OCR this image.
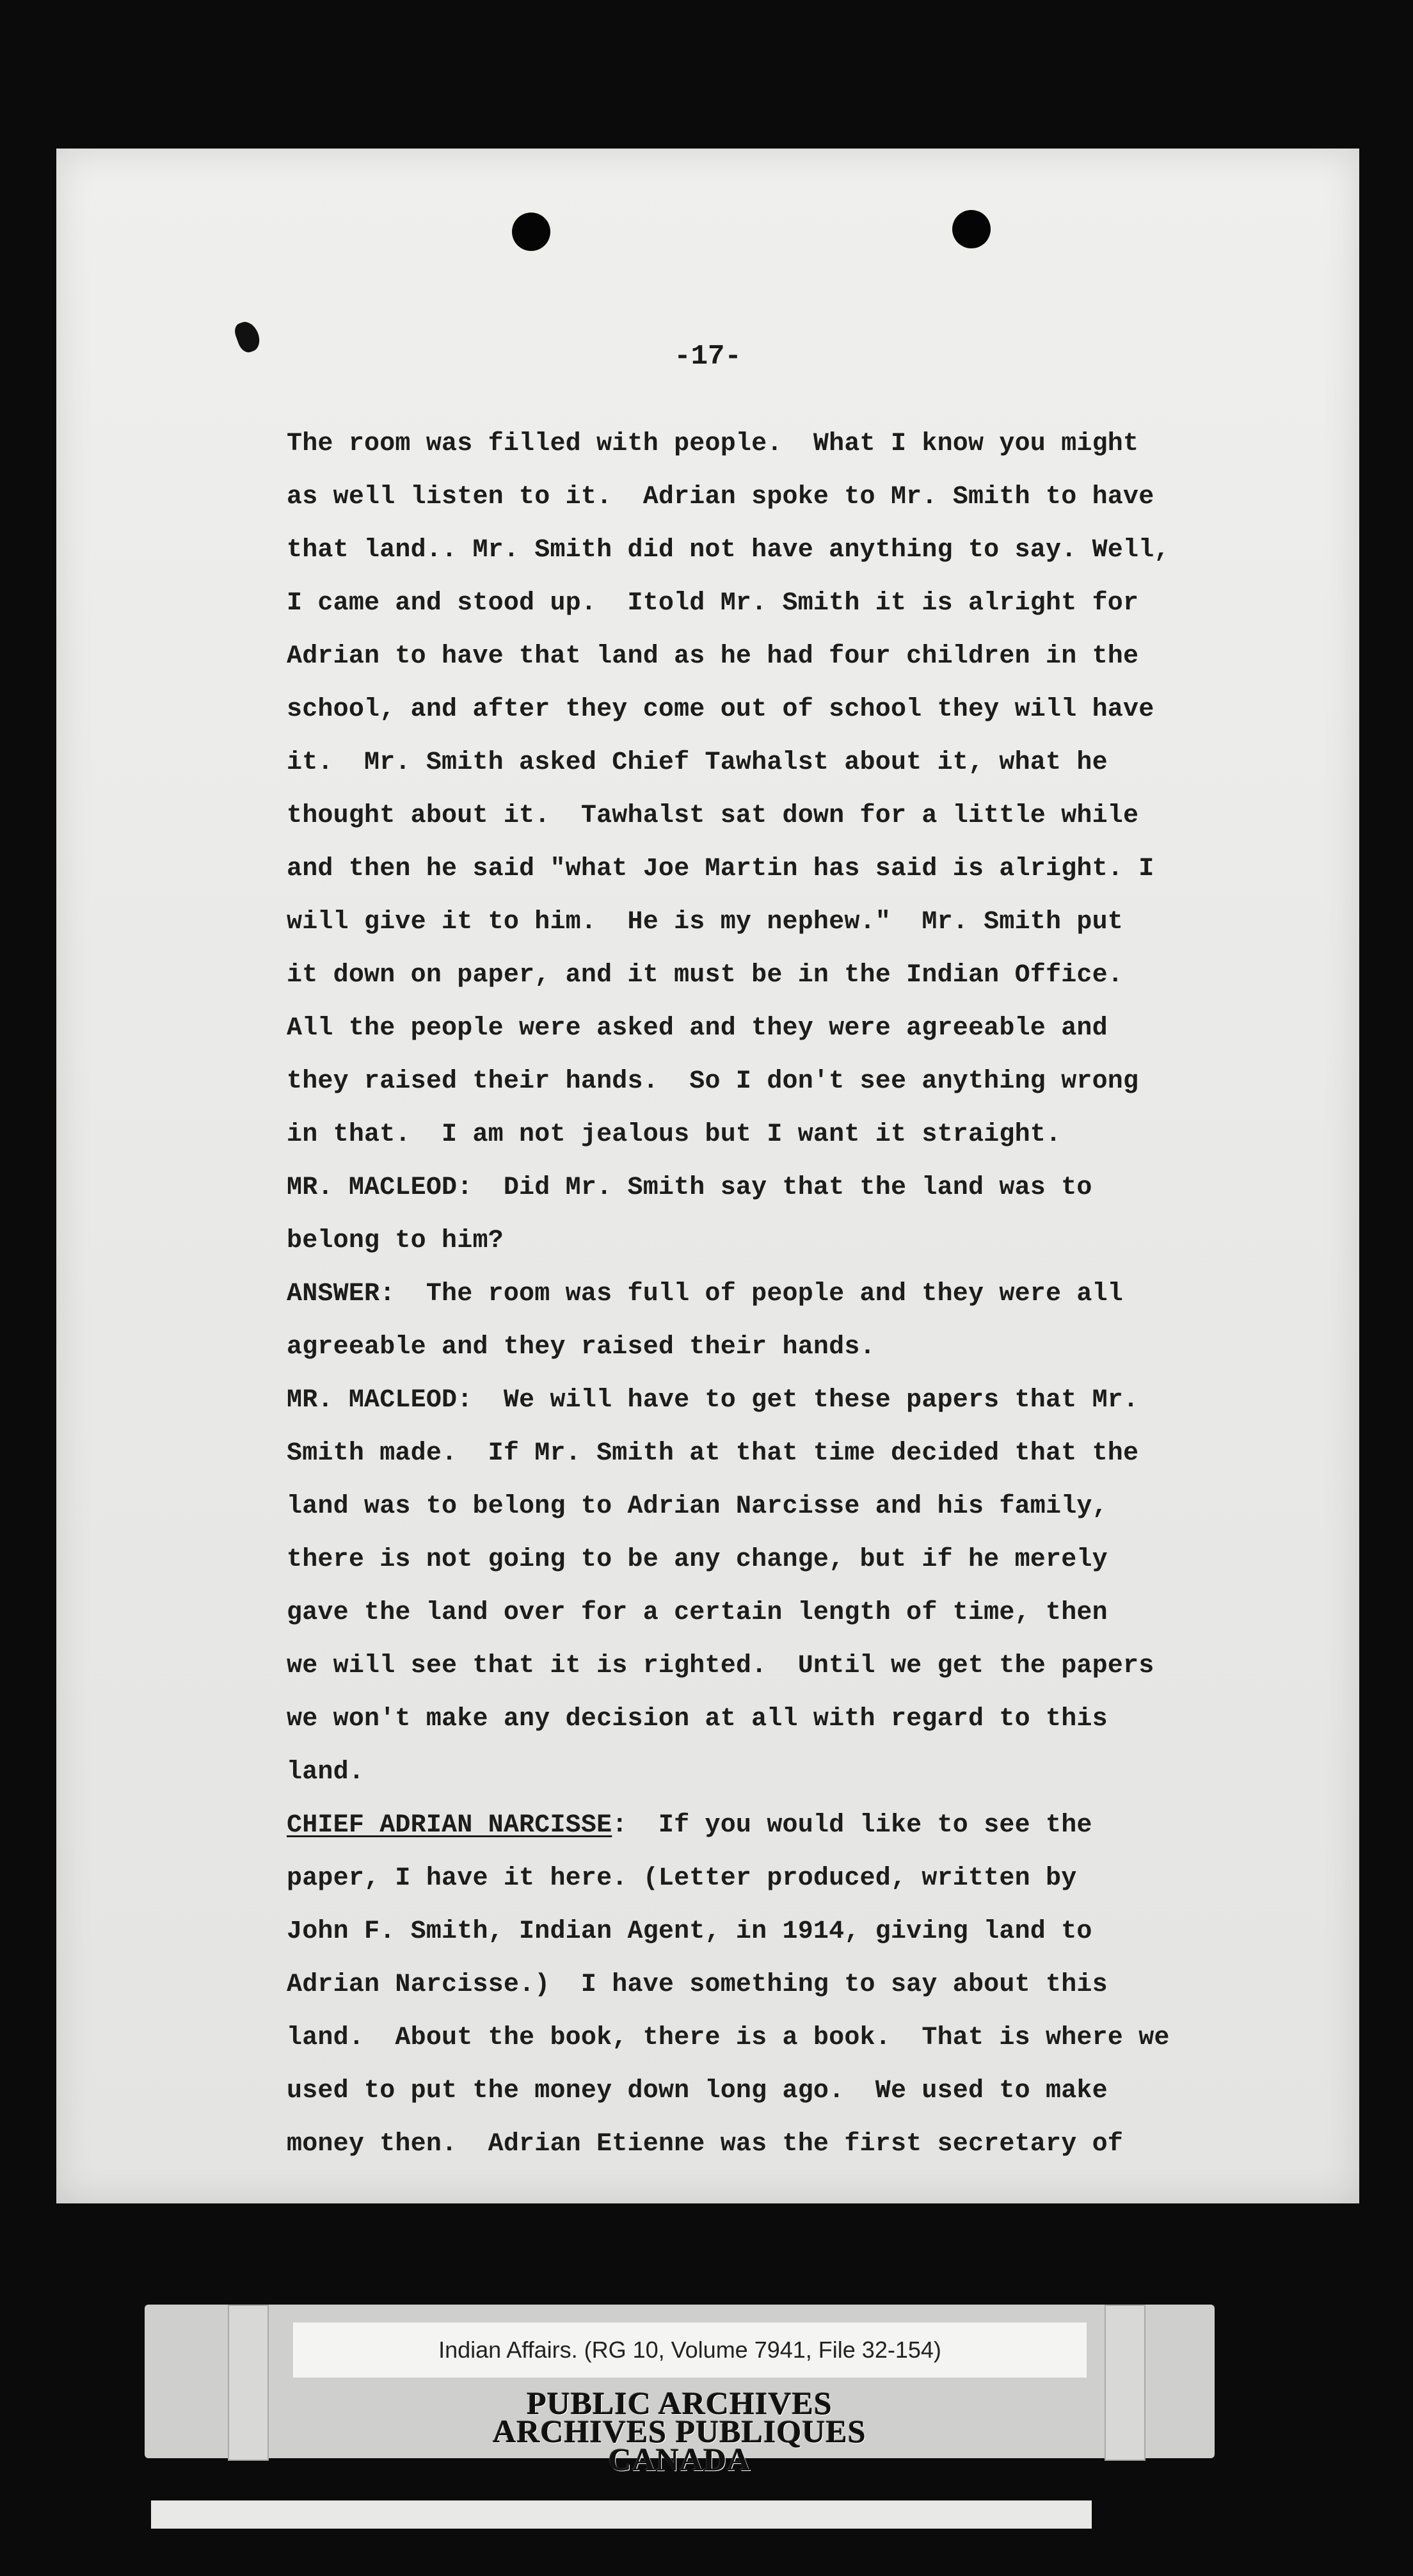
-17-
The room was filled with people.  What I know you might
as well listen to it.  Adrian spoke to Mr. Smith to have
that land.. Mr. Smith did not have anything to say. Well,
I came and stood up.  Itold Mr. Smith it is alright for
Adrian to have that land as he had four children in the
school, and after they come out of school they will have
it.  Mr. Smith asked Chief Tawhalst about it, what he
thought about it.  Tawhalst sat down for a little while
and then he said "what Joe Martin has said is alright. I
will give it to him.  He is my nephew."  Mr. Smith put
it down on paper, and it must be in the Indian Office.
All the people were asked and they were agreeable and
they raised their hands.  So I don't see anything wrong
in that.  I am not jealous but I want it straight.
MR. MACLEOD:  Did Mr. Smith say that the land was to
belong to him?
ANSWER:  The room was full of people and they were all
agreeable and they raised their hands.
MR. MACLEOD:  We will have to get these papers that Mr.
Smith made.  If Mr. Smith at that time decided that the
land was to belong to Adrian Narcisse and his family,
there is not going to be any change, but if he merely
gave the land over for a certain length of time, then
we will see that it is righted.  Until we get the papers
we won't make any decision at all with regard to this
land.
CHIEF ADRIAN NARCISSE:  If you would like to see the
paper, I have it here. (Letter produced, written by
John F. Smith, Indian Agent, in 1914, giving land to
Adrian Narcisse.)  I have something to say about this
land.  About the book, there is a book.  That is where we
used to put the money down long ago.  We used to make
money then.  Adrian Etienne was the first secretary of
Indian Affairs. (RG 10, Volume 7941, File 32-154)
PUBLIC ARCHIVES
ARCHIVES PUBLIQUES
CANADA
